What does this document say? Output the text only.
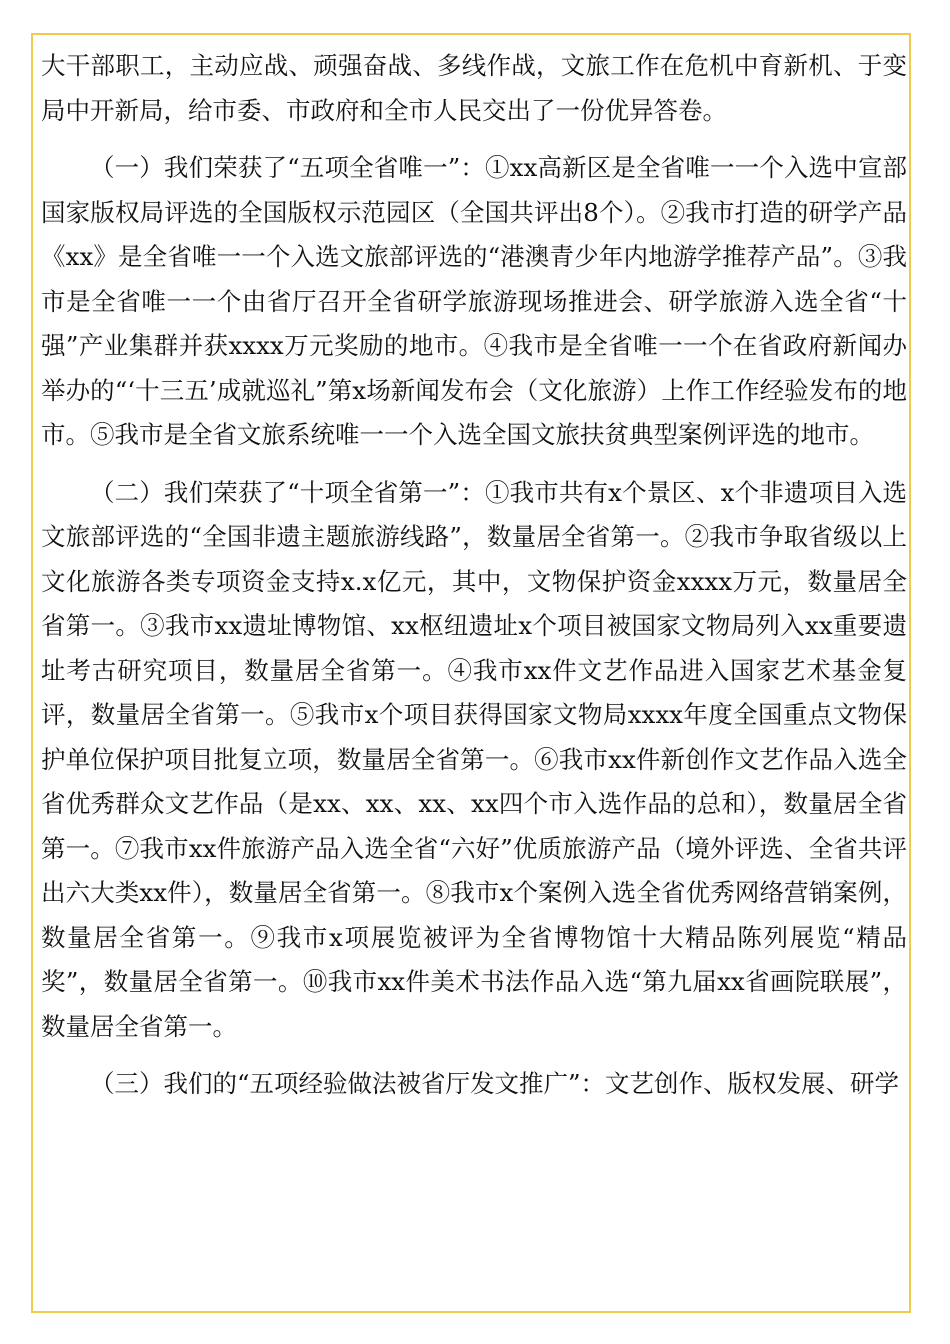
大干部职工，主动应战、顽强奋战、多线作战，文旅工作在危机中育新机、于变局中开新局，给市委、市政府和全市人民交出了一份优异答卷。

（一）我们荣获了“五项全省唯一”：①xx高新区是全省唯一一个入选中宣部国家版权局评选的全国版权示范园区（全国共评出8个）。②我市打造的研学产品《xx》是全省唯一一个入选文旅部评选的“港澳青少年内地游学推荐产品”。③我市是全省唯一一个由省厅召开全省研学旅游现场推进会、研学旅游入选全省“十强”产业集群并获xxxx万元奖励的地市。④我市是全省唯一一个在省政府新闻办举办的“‘十三五’成就巡礼”第x场新闻发布会（文化旅游）上作工作经验发布的地市。⑤我市是全省文旅系统唯一一个入选全国文旅扶贫典型案例评选的地市。

（二）我们荣获了“十项全省第一”：①我市共有x个景区、x个非遗项目入选文旅部评选的“全国非遗主题旅游线路”，数量居全省第一。②我市争取省级以上文化旅游各类专项资金支持x.x亿元，其中，文物保护资金xxxx万元，数量居全省第一。③我市xx遗址博物馆、xx枢纽遗址x个项目被国家文物局列入xx重要遗址考古研究项目，数量居全省第一。④我市xx件文艺作品进入国家艺术基金复评，数量居全省第一。⑤我市x个项目获得国家文物局xxxx年度全国重点文物保护单位保护项目批复立项，数量居全省第一。⑥我市xx件新创作文艺作品入选全省优秀群众文艺作品（是xx、xx、xx、xx四个市入选作品的总和），数量居全省第一。⑦我市xx件旅游产品入选全省“六好”优质旅游产品（境外评选、全省共评出六大类xx件），数量居全省第一。⑧我市x个案例入选全省优秀网络营销案例，数量居全省第一。⑨我市x项展览被评为全省博物馆十大精品陈列展览“精品奖”，数量居全省第一。⑩我市xx件美术书法作品入选“第九届xx省画院联展”，数量居全省第一。

（三）我们的“五项经验做法被省厅发文推广”：文艺创作、版权发展、研学
